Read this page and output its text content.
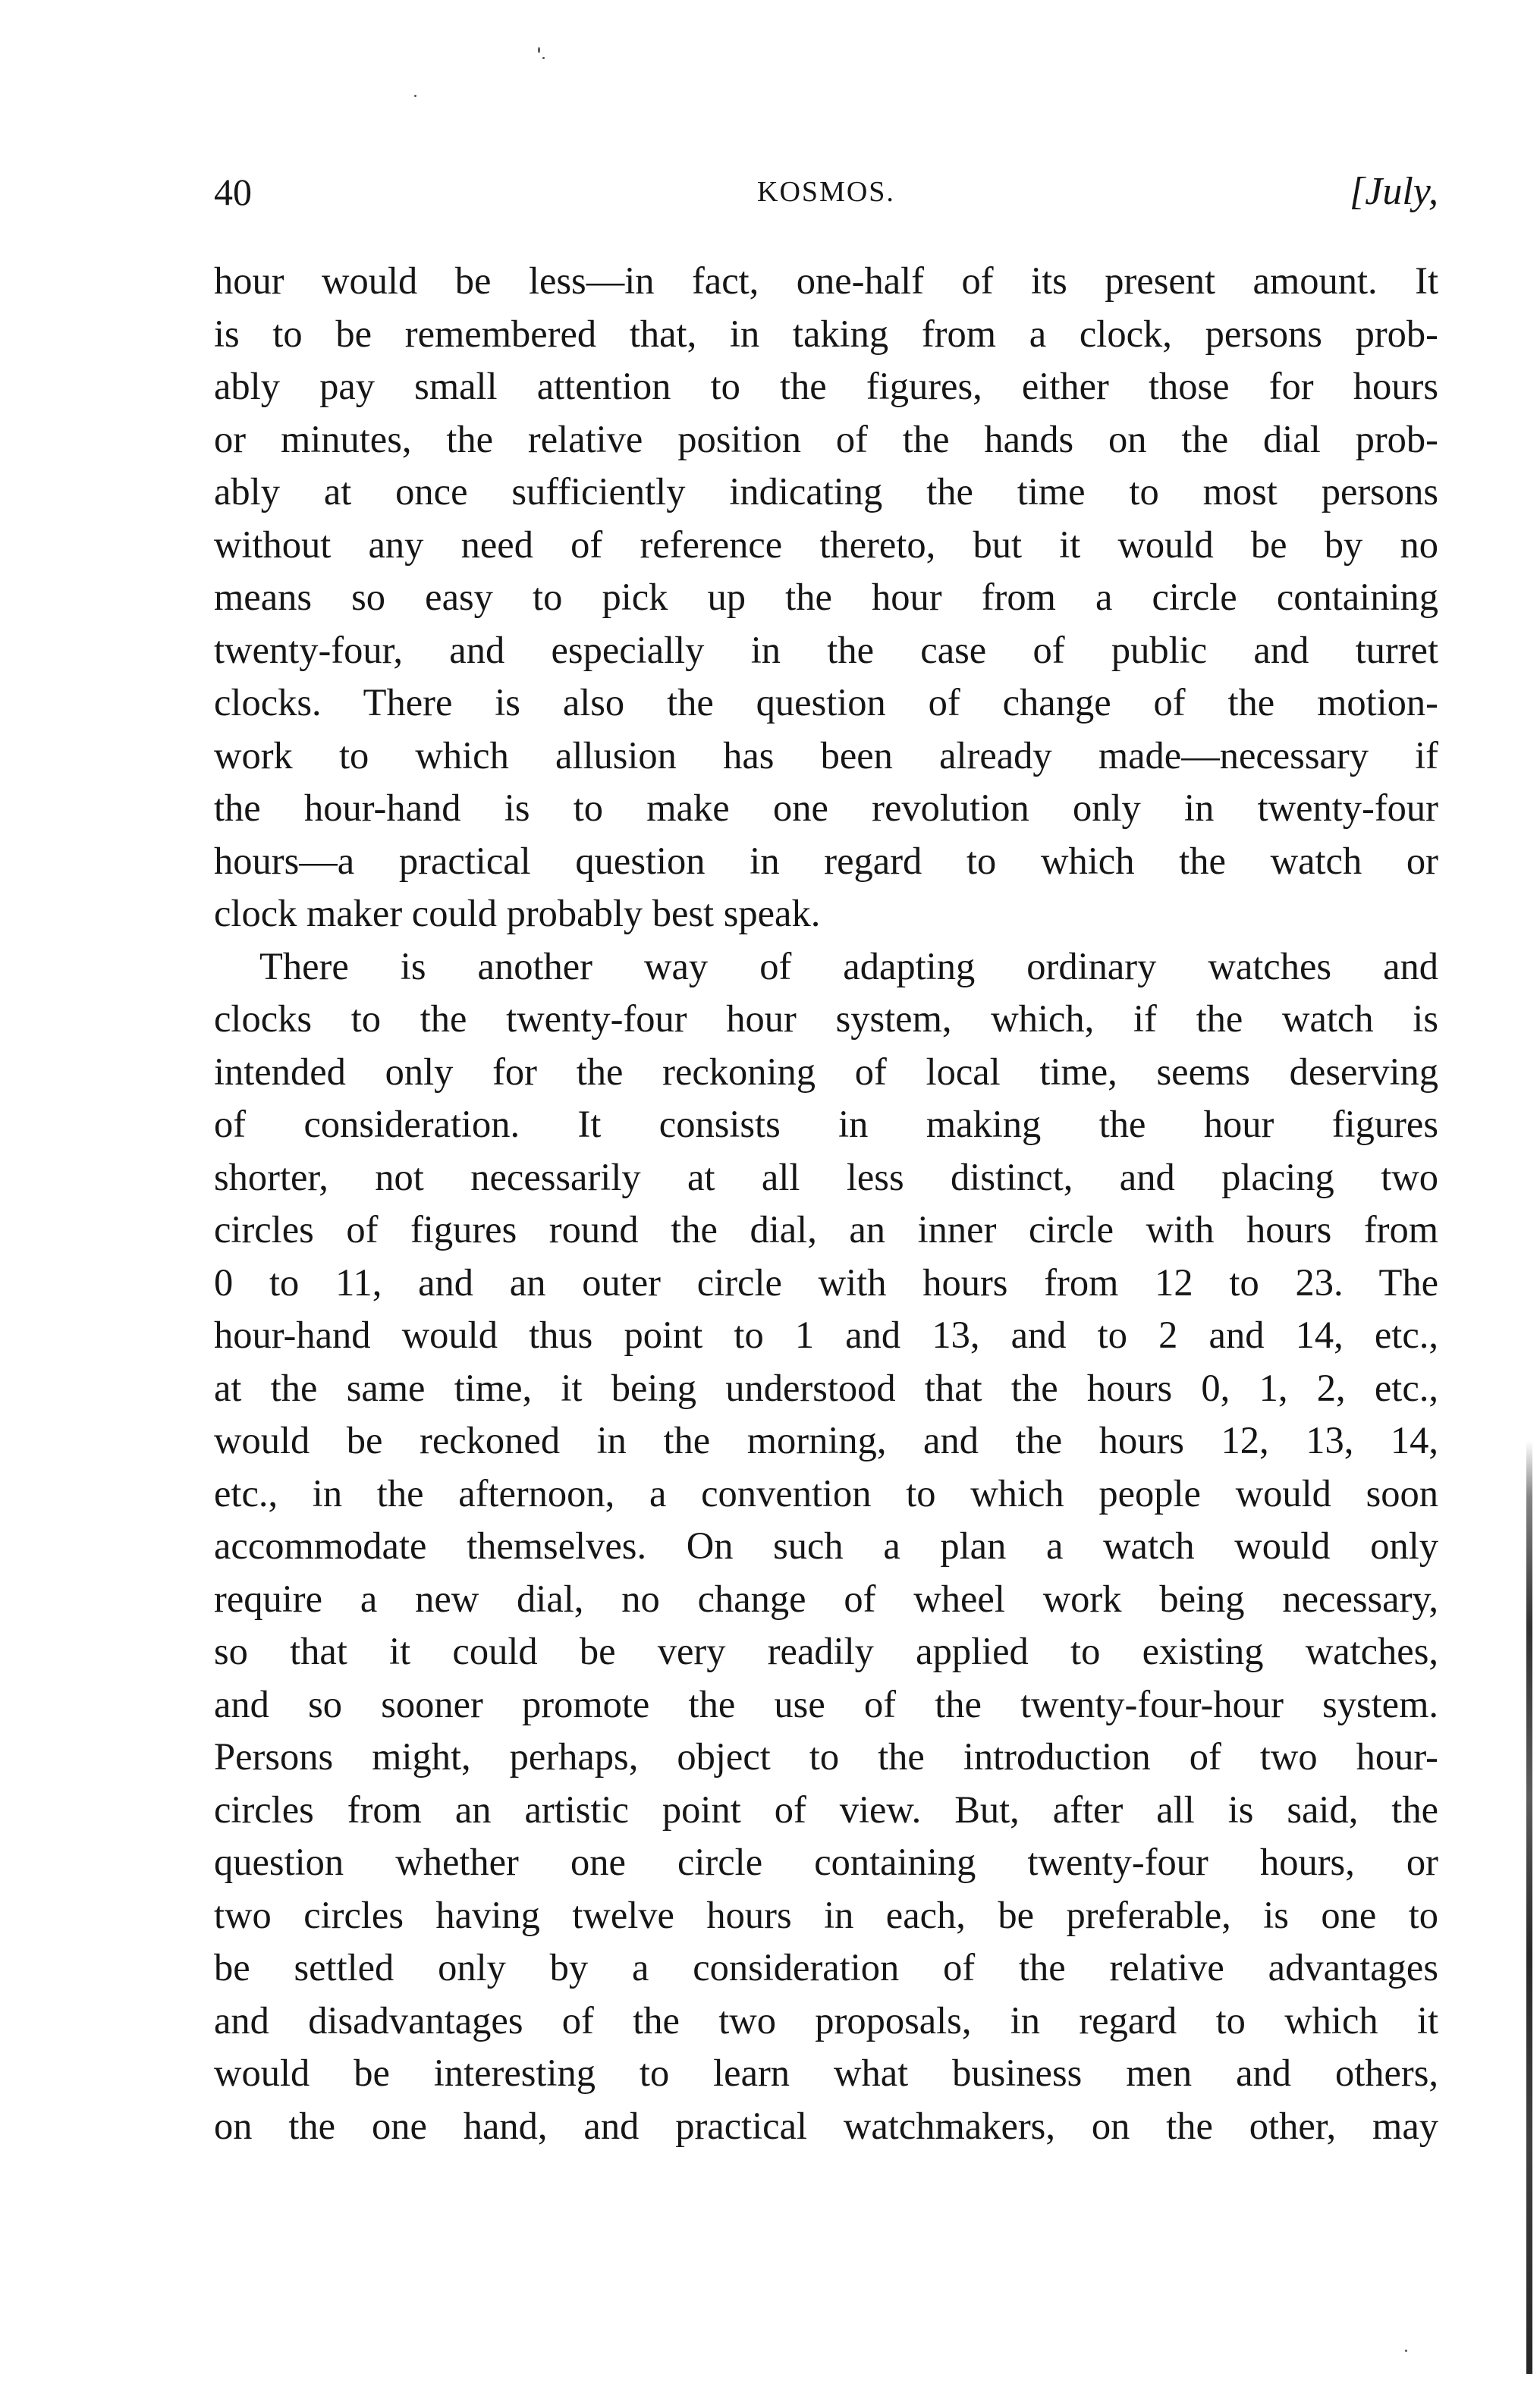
40	KOSMOS.	[July,
hour would be less—in fact, one-half of its present amount. It
is to be remembered that, in taking from a clock, persons prob-
ably pay small attention to the figures, either those for hours
or minutes, the relative position of the hands on the dial prob-
ably at once sufficiently indicating the time to most persons
without any need of reference thereto, but it would be by no
means so easy to pick up the hour from a circle containing
twenty-four, and especially in the case of public and turret
clocks. There is also the question of change of the motion-
work to which allusion has been already made—necessary if
the hour-hand is to make one revolution only in twenty-four
hours—a practical question in regard to which the watch or
clock maker could probably best speak.
There is another way of adapting ordinary watches and
clocks to the twenty-four hour system, which, if the watch is
intended only for the reckoning of local time, seems deserving
of consideration. It consists in making the hour figures
shorter, not necessarily at all less distinct, and placing two
circles of figures round the dial, an inner circle with hours from
0 to 11, and an outer circle with hours from 12 to 23. The
hour-hand would thus point to 1 and 13, and to 2 and 14, etc.,
at the same time, it being understood that the hours 0, 1, 2, etc.,
would be reckoned in the morning, and the hours 12, 13, 14,
etc., in the afternoon, a convention to which people would soon
accommodate themselves. On such a plan a watch would only
require a new dial, no change of wheel work being necessary,
so that it could be very readily applied to existing watches,
and so sooner promote the use of the twenty-four-hour system.
Persons might, perhaps, object to the introduction of two hour-
circles from an artistic point of view. But, after all is said, the
question whether one circle containing twenty-four hours, or
two circles having twelve hours in each, be preferable, is one to
be settled only by a consideration of the relative advantages
and disadvantages of the two proposals, in regard to which it
would be interesting to learn what business men and others,
on the one hand, and practical watchmakers, on the other, may
